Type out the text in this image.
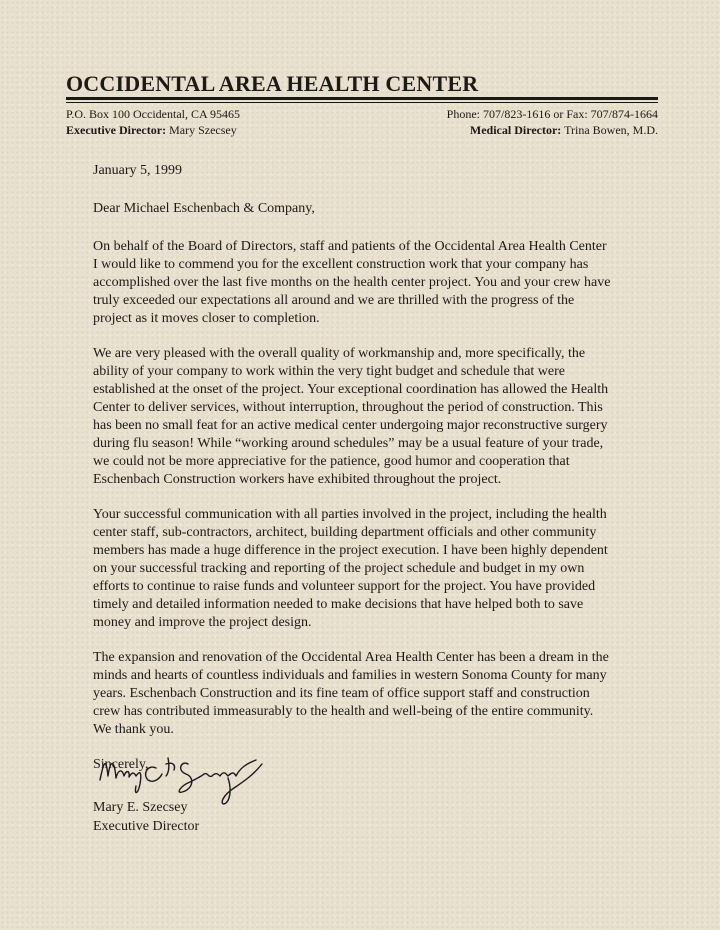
OCCIDENTAL AREA HEALTH CENTER
P.O. Box 100 Occidental, CA 95465
Executive Director: Mary Szecsey
Phone: 707/823-1616 or Fax: 707/874-1664
Medical Director: Trina Bowen, M.D.

January 5, 1999

Dear Michael Eschenbach & Company,

On behalf of the Board of Directors, staff and patients of the Occidental Area Health Center I would like to commend you for the excellent construction work that your company has accomplished over the last five months on the health center project. You and your crew have truly exceeded our expectations all around and we are thrilled with the progress of the project as it moves closer to completion.

We are very pleased with the overall quality of workmanship and, more specifically, the ability of your company to work within the very tight budget and schedule that were established at the onset of the project. Your exceptional coordination has allowed the Health Center to deliver services, without interruption, throughout the period of construction. This has been no small feat for an active medical center undergoing major reconstructive surgery during flu season! While “working around schedules” may be a usual feature of your trade, we could not be more appreciative for the patience, good humor and cooperation that Eschenbach Construction workers have exhibited throughout the project.

Your successful communication with all parties involved in the project, including the health center staff, sub-contractors, architect, building department officials and other community members has made a huge difference in the project execution. I have been highly dependent on your successful tracking and reporting of the project schedule and budget in my own efforts to continue to raise funds and volunteer support for the project. You have provided timely and detailed information needed to make decisions that have helped both to save money and improve the project design.

The expansion and renovation of the Occidental Area Health Center has been a dream in the minds and hearts of countless individuals and families in western Sonoma County for many years. Eschenbach Construction and its fine team of office support staff and construction crew has contributed immeasurably to the health and well-being of the entire community. We thank you.

Sincerely,

Mary E. Szecsey
Executive Director
